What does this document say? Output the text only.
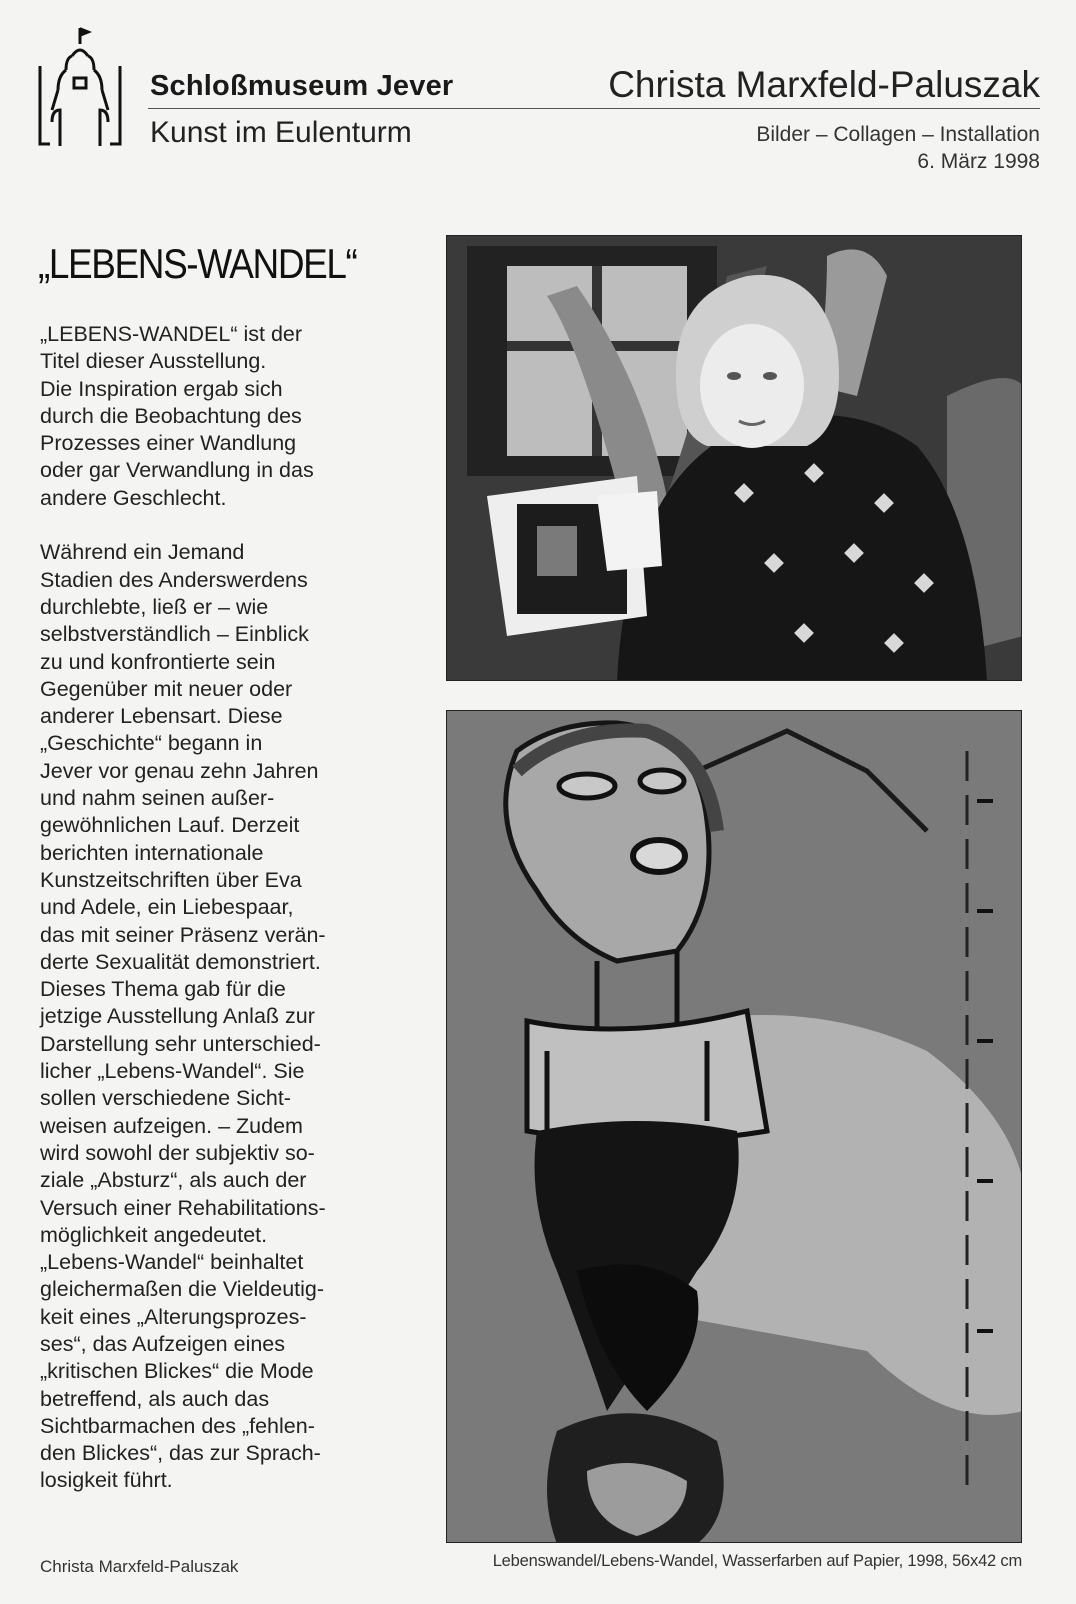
Schloßmuseum Jever
Kunst im Eulenturm
Christa Marxfeld-Paluszak
Bilder – Collagen – Installation
6. März 1998
„LEBENS-WANDEL“

„LEBENS-WANDEL“ ist der
Titel dieser Ausstellung.
Die Inspiration ergab sich
durch die Beobachtung des
Prozesses einer Wandlung
oder gar Verwandlung in das
andere Geschlecht.

Während ein Jemand
Stadien des Anderswerdens
durchlebte, ließ er – wie
selbstverständlich – Einblick
zu und konfrontierte sein
Gegenüber mit neuer oder
anderer Lebensart. Diese
„Geschichte“ begann in
Jever vor genau zehn Jahren
und nahm seinen außer-
gewöhnlichen Lauf. Derzeit
berichten internationale
Kunstzeitschriften über Eva
und Adele, ein Liebespaar,
das mit seiner Präsenz verän-
derte Sexualität demonstriert.
Dieses Thema gab für die
jetzige Ausstellung Anlaß zur
Darstellung sehr unterschied-
licher „Lebens-Wandel“. Sie
sollen verschiedene Sicht-
weisen aufzeigen. – Zudem
wird sowohl der subjektiv so-
ziale „Absturz“, als auch der
Versuch einer Rehabilitations-
möglichkeit angedeutet.
„Lebens-Wandel“ beinhaltet
gleichermaßen die Vieldeutig-
keit eines „Alterungsprozes-
ses“, das Aufzeigen eines
„kritischen Blickes“ die Mode
betreffend, als auch das
Sichtbarmachen des „fehlen-
den Blickes“, das zur Sprach-
losigkeit führt.

Christa Marxfeld-Paluszak	Lebenswandel/Lebens-Wandel, Wasserfarben auf Papier, 1998, 56x42 cm
